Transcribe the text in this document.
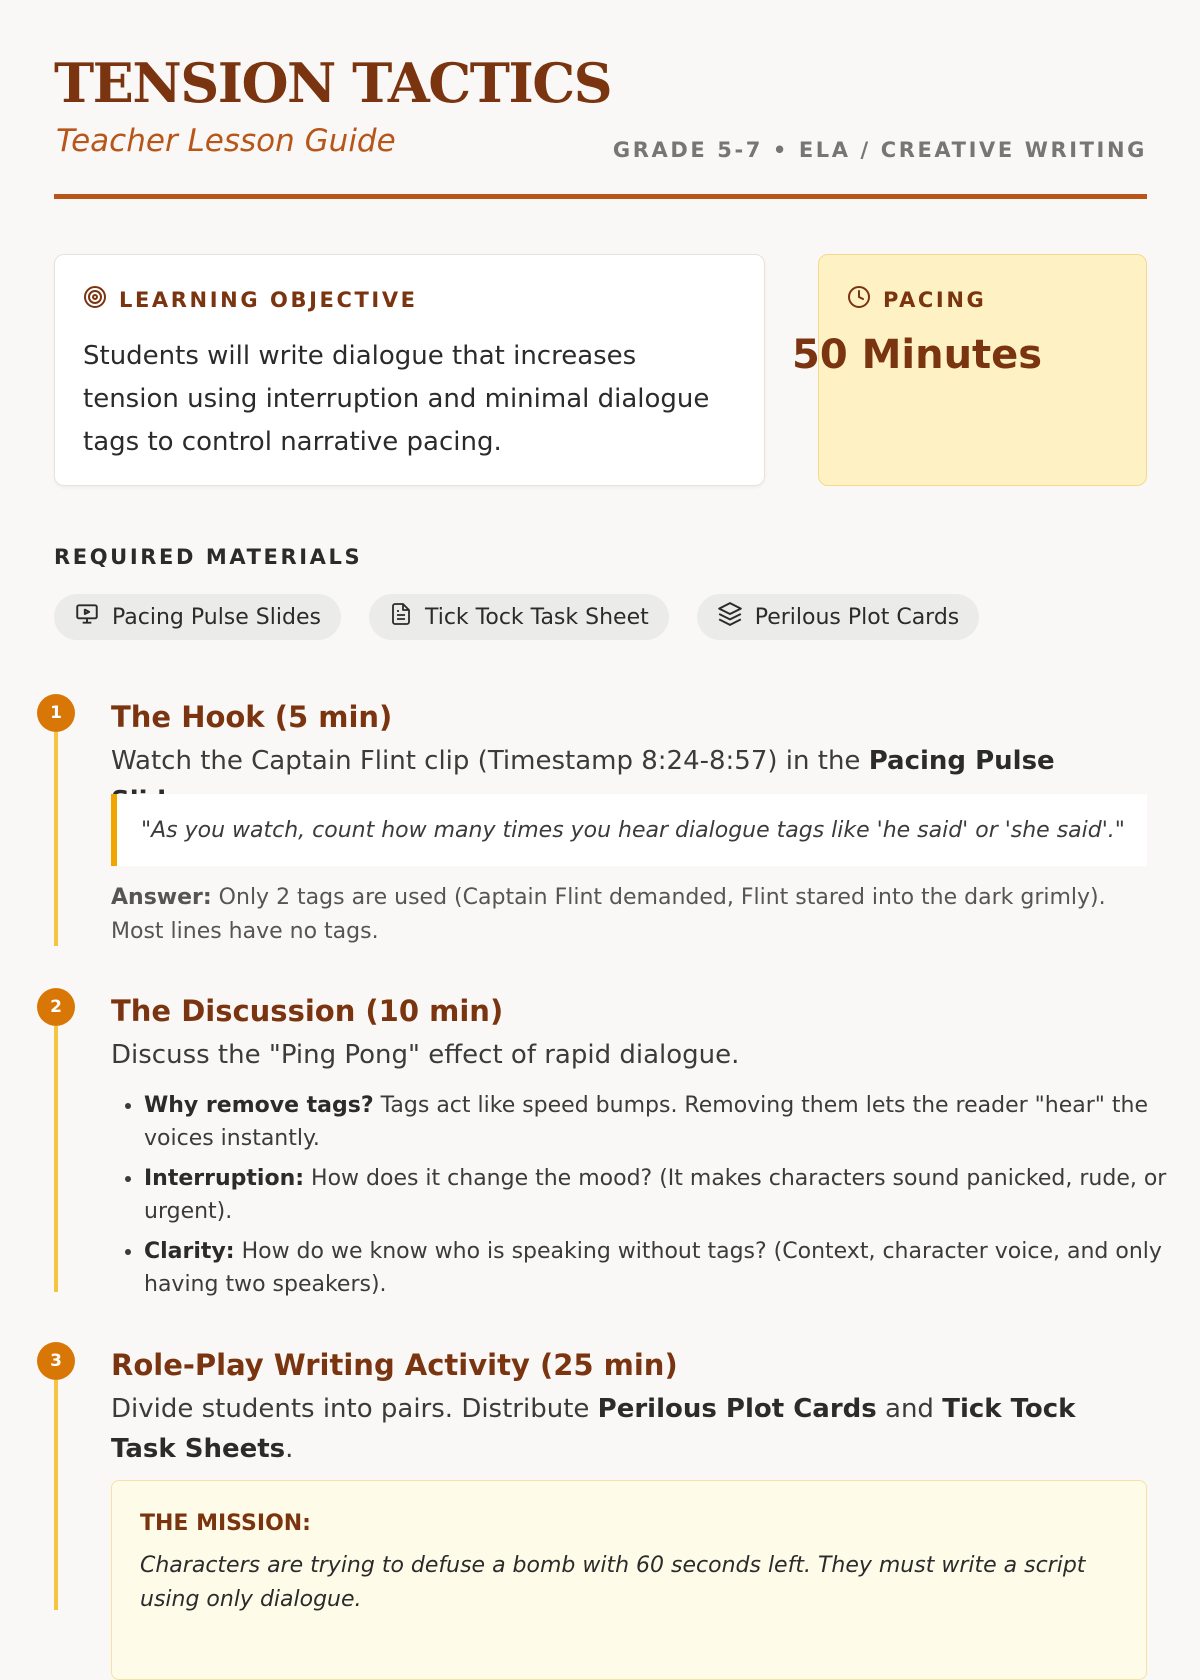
TENSION TACTICS
Teacher Lesson Guide	GRADE 5-7 • ELA / CREATIVE WRITING
LEARNING OBJECTIVE
Students will write dialogue that increases tension using interruption and minimal dialogue tags to control narrative pacing.
PACING
50 Minutes
REQUIRED MATERIALS
Pacing Pulse Slides	Tick Tock Task Sheet	Perilous Plot Cards
1	The Hook (5 min)
Watch the Captain Flint clip (Timestamp 8:24-8:57) in the Pacing Pulse
"As you watch, count how many times you hear dialogue tags like 'he said' or 'she said'."
Answer: Only 2 tags are used (Captain Flint demanded, Flint stared into the dark grimly). Most lines have no tags.
2	The Discussion (10 min)
Discuss the "Ping Pong" effect of rapid dialogue.
• Why remove tags? Tags act like speed bumps. Removing them lets the reader "hear" the voices instantly.
• Interruption: How does it change the mood? (It makes characters sound panicked, rude, or urgent).
• Clarity: How do we know who is speaking without tags? (Context, character voice, and only having two speakers).
3	Role-Play Writing Activity (25 min)
Divide students into pairs. Distribute Perilous Plot Cards and Tick Tock Task Sheets.
THE MISSION:
Characters are trying to defuse a bomb with 60 seconds left. They must write a script using only dialogue.
